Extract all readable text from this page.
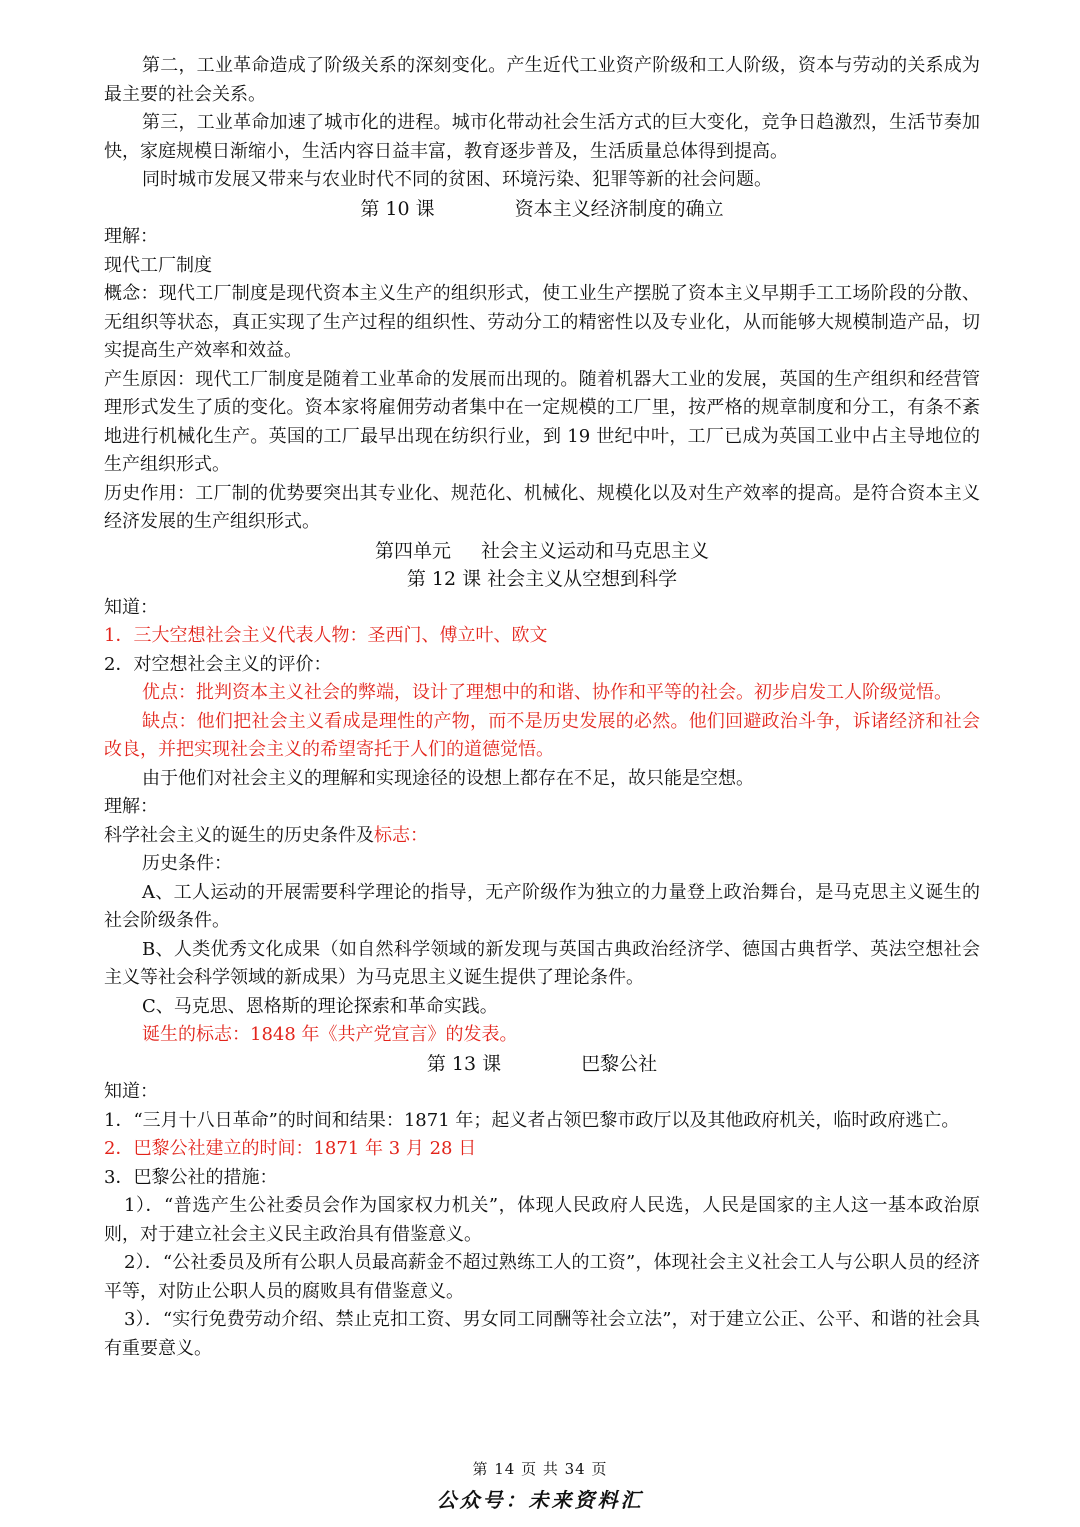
第二，工业革命造成了阶级关系的深刻变化。产生近代工业资产阶级和工人阶级，资本与劳动的关系成为最主要的社会关系。

第三，工业革命加速了城市化的进程。城市化带动社会生活方式的巨大变化，竞争日趋激烈，生活节奏加快，家庭规模日渐缩小，生活内容日益丰富，教育逐步普及，生活质量总体得到提高。

同时城市发展又带来与农业时代不同的贫困、环境污染、犯罪等新的社会问题。

第 10 课	资本主义经济制度的确立

理解：

现代工厂制度

概念：现代工厂制度是现代资本主义生产的组织形式，使工业生产摆脱了资本主义早期手工工场阶段的分散、无组织等状态，真正实现了生产过程的组织性、劳动分工的精密性以及专业化，从而能够大规模制造产品，切实提高生产效率和效益。

产生原因：现代工厂制度是随着工业革命的发展而出现的。随着机器大工业的发展，英国的生产组织和经营管理形式发生了质的变化。资本家将雇佣劳动者集中在一定规模的工厂里，按严格的规章制度和分工，有条不紊地进行机械化生产。英国的工厂最早出现在纺织行业，到 19 世纪中叶，工厂已成为英国工业中占主导地位的生产组织形式。

历史作用：工厂制的优势要突出其专业化、规范化、机械化、规模化以及对生产效率的提高。是符合资本主义经济发展的生产组织形式。

第四单元 社会主义运动和马克思主义

第 12 课 社会主义从空想到科学

知道：

1．三大空想社会主义代表人物：圣西门、傅立叶、欧文

2．对空想社会主义的评价：

优点：批判资本主义社会的弊端，设计了理想中的和谐、协作和平等的社会。初步启发工人阶级觉悟。

缺点：他们把社会主义看成是理性的产物，而不是历史发展的必然。他们回避政治斗争，诉诸经济和社会改良，并把实现社会主义的希望寄托于人们的道德觉悟。

由于他们对社会主义的理解和实现途径的设想上都存在不足，故只能是空想。

理解：

科学社会主义的诞生的历史条件及标志：

历史条件：

A、工人运动的开展需要科学理论的指导，无产阶级作为独立的力量登上政治舞台，是马克思主义诞生的社会阶级条件。

B、人类优秀文化成果（如自然科学领域的新发现与英国古典政治经济学、德国古典哲学、英法空想社会主义等社会科学领域的新成果）为马克思主义诞生提供了理论条件。

C、马克思、恩格斯的理论探索和革命实践。

诞生的标志：1848 年《共产党宣言》的发表。

第 13 课	巴黎公社

知道：

1．“三月十八日革命”的时间和结果：1871 年；起义者占领巴黎市政厅以及其他政府机关，临时政府逃亡。

2．巴黎公社建立的时间：1871 年 3 月 28 日

3．巴黎公社的措施：

1）．“普选产生公社委员会作为国家权力机关”，体现人民政府人民选，人民是国家的主人这一基本政治原则，对于建立社会主义民主政治具有借鉴意义。

2）．“公社委员及所有公职人员最高薪金不超过熟练工人的工资”，体现社会主义社会工人与公职人员的经济平等，对防止公职人员的腐败具有借鉴意义。

3）．“实行免费劳动介绍、禁止克扣工资、男女同工同酬等社会立法”，对于建立公正、公平、和谐的社会具有重要意义。

第 14 页 共 34 页
公众号：未来资料汇
